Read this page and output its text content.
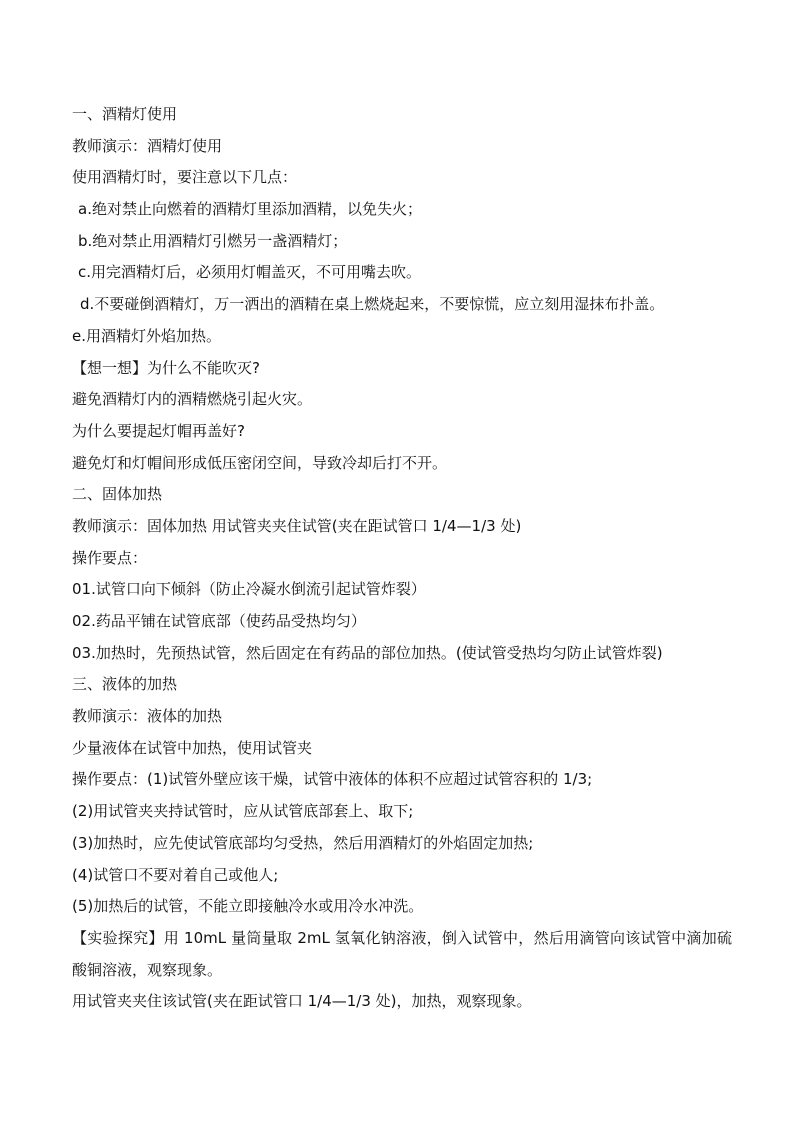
一、酒精灯使用
教师演示：酒精灯使用
使用酒精灯时，要注意以下几点：
a.绝对禁止向燃着的酒精灯里添加酒精，以免失火；
b.绝对禁止用酒精灯引燃另一盏酒精灯；
c.用完酒精灯后，必须用灯帽盖灭，不可用嘴去吹。
d.不要碰倒酒精灯，万一洒出的酒精在桌上燃烧起来，不要惊慌，应立刻用湿抹布扑盖。
e.用酒精灯外焰加热。
【想一想】为什么不能吹灭?
避免酒精灯内的酒精燃烧引起火灾。
为什么要提起灯帽再盖好?
避免灯和灯帽间形成低压密闭空间，导致冷却后打不开。
二、固体加热
教师演示：固体加热 用试管夹夹住试管(夹在距试管口 1/4—1/3 处)
操作要点：
01.试管口向下倾斜（防止冷凝水倒流引起试管炸裂）
02.药品平铺在试管底部（使药品受热均匀）
03.加热时，先预热试管，然后固定在有药品的部位加热。(使试管受热均匀防止试管炸裂)
三、液体的加热
教师演示：液体的加热
少量液体在试管中加热，使用试管夹
操作要点：(1)试管外壁应该干燥，试管中液体的体积不应超过试管容积的 1/3;
(2)用试管夹夹持试管时，应从试管底部套上、取下;
(3)加热时，应先使试管底部均匀受热，然后用酒精灯的外焰固定加热;
(4)试管口不要对着自己或他人;
(5)加热后的试管，不能立即接触冷水或用冷水冲洗。
【实验探究】用 10mL 量筒量取 2mL 氢氧化钠溶液，倒入试管中，然后用滴管向该试管中滴加硫酸铜溶液，观察现象。
用试管夹夹住该试管(夹在距试管口 1/4—1/3 处)，加热，观察现象。
